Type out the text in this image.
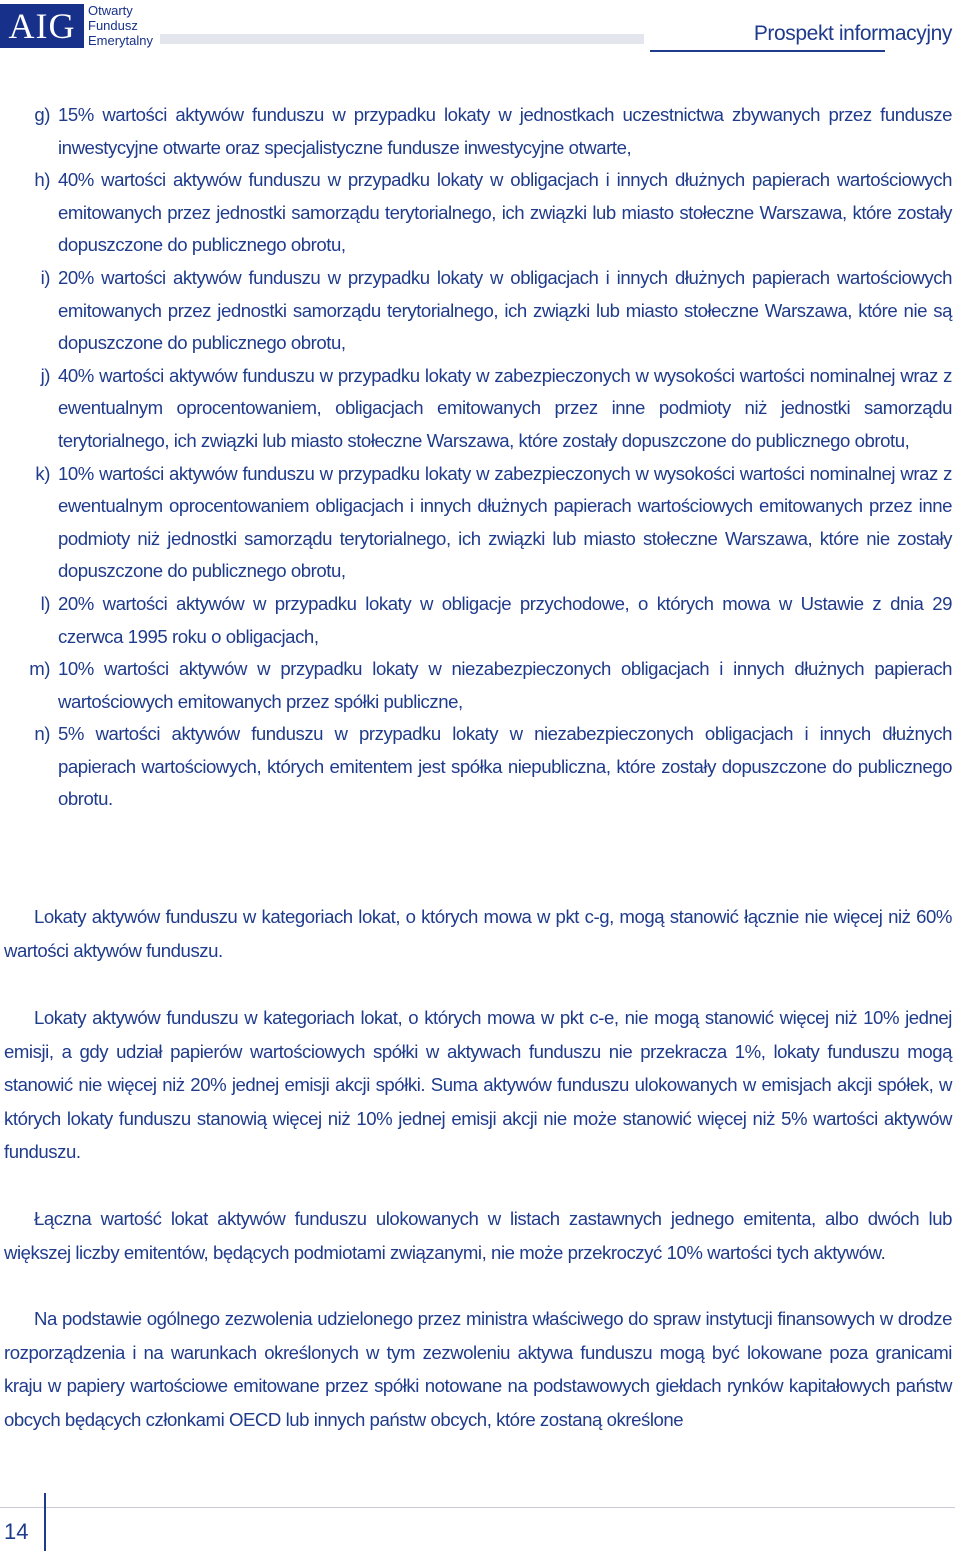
AIG Otwarty
Fundusz
Emerytalny	Prospekt informacyjny
g) 15% wartości aktywów funduszu w przypadku lokaty w jednostkach uczestnictwa zbywanych przez fundusze inwestycyjne otwarte oraz specjalistyczne fundusze inwestycyjne otwarte,
h) 40% wartości aktywów funduszu w przypadku lokaty w obligacjach i innych dłużnych papierach wartościowych emitowanych przez jednostki samorządu terytorialnego, ich związki lub miasto stołeczne Warszawa, które zostały dopuszczone do publicznego obrotu,
i) 20% wartości aktywów funduszu w przypadku lokaty w obligacjach i innych dłużnych papierach wartościowych emitowanych przez jednostki samorządu terytorialnego, ich związki lub miasto stołeczne Warszawa, które nie są dopuszczone do publicznego obrotu,
j) 40% wartości aktywów funduszu w przypadku lokaty w zabezpieczonych w wysokości wartości nominalnej wraz z ewentualnym oprocentowaniem, obligacjach emitowanych przez inne podmioty niż jednostki samorządu terytorialnego, ich związki lub miasto stołeczne Warszawa, które zostały dopuszczone do publicznego obrotu,
k) 10% wartości aktywów funduszu w przypadku lokaty w zabezpieczonych w wysokości wartości nominalnej wraz z ewentualnym oprocentowaniem obligacjach i innych dłużnych papierach wartościowych emitowanych przez inne podmioty niż jednostki samorządu terytorialnego, ich związki lub miasto stołeczne Warszawa, które nie zostały dopuszczone do publicznego obrotu,
l) 20% wartości aktywów w przypadku lokaty w obligacje przychodowe, o których mowa w Ustawie z dnia 29 czerwca 1995 roku o obligacjach,
m) 10% wartości aktywów w przypadku lokaty w niezabezpieczonych obligacjach i innych dłużnych papierach wartościowych emitowanych przez spółki publiczne,
n) 5% wartości aktywów funduszu w przypadku lokaty w niezabezpieczonych obligacjach i innych dłużnych papierach wartościowych, których emitentem jest spółka niepubliczna, które zostały dopuszczone do publicznego obrotu.

Lokaty aktywów funduszu w kategoriach lokat, o których mowa w pkt c-g, mogą stanowić łącznie nie więcej niż 60% wartości aktywów funduszu.

Lokaty aktywów funduszu w kategoriach lokat, o których mowa w pkt c-e, nie mogą stanowić więcej niż 10% jednej emisji, a gdy udział papierów wartościowych spółki w aktywach funduszu nie przekracza 1%, lokaty funduszu mogą stanowić nie więcej niż 20% jednej emisji akcji spółki. Suma aktywów funduszu ulokowanych w emisjach akcji spółek, w których lokaty funduszu stanowią więcej niż 10% jednej emisji akcji nie może stanowić więcej niż 5% wartości aktywów funduszu.

Łączna wartość lokat aktywów funduszu ulokowanych w listach zastawnych jednego emitenta, albo dwóch lub większej liczby emitentów, będących podmiotami związanymi, nie może przekroczyć 10% wartości tych aktywów.

Na podstawie ogólnego zezwolenia udzielonego przez ministra właściwego do spraw instytucji finansowych w drodze rozporządzenia i na warunkach określonych w tym zezwoleniu aktywa funduszu mogą być lokowane poza granicami kraju w papiery wartościowe emitowane przez spółki notowane na podstawowych giełdach rynków kapitałowych państw obcych będących członkami OECD lub innych państw obcych, które zostaną określone

14
